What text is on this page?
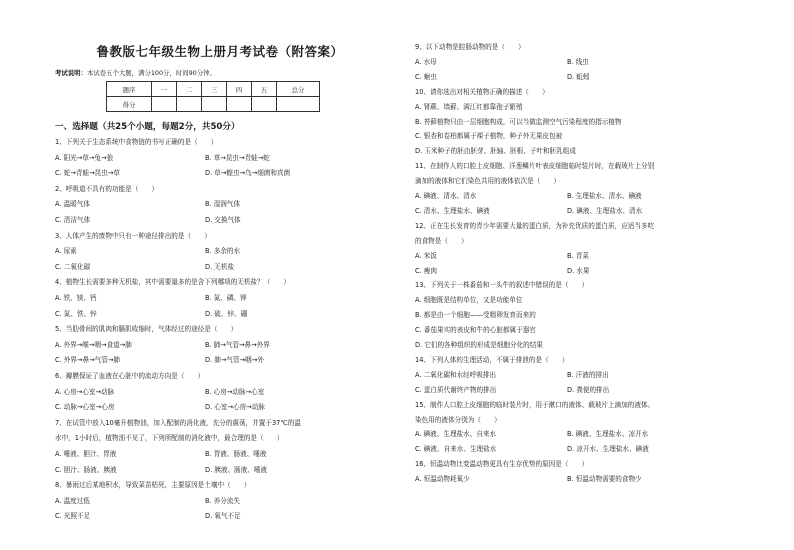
鲁教版七年级生物上册月考试卷（附答案）
考试说明：本试卷五个大题，满分100分，时间90分钟。
题序	一	二	三	四	五	总分
得分						
一、选择题（共25个小题，每题2分，共50分）
1、下列关于生态系统中食物链的书写正确的是（　　）
A. 阳光→草→兔→狼	B. 草→昆虫→青蛙→蛇
C. 蛇→青蛙→昆虫→草	D. 草→蝗虫→鸟→细菌和真菌
2、呼吸道不具有的功能是（　　）
A. 温暖气体	B. 湿润气体
C. 清洁气体	D. 交换气体
3、人体产生的废物中只有一种途径排出的是（　　）
A. 尿素	B. 多余的水
C. 二氧化碳	D. 无机盐
4、植物生长需要多种无机盐，其中需要量多的是含下列哪项的无机盐？（　　）
A. 铁、镁、钙	B. 氮、磷、钾
C. 氮、铁、锌	D. 硫、锌、硼
5、当肋骨间的肌肉和膈肌收缩时，气体经过的途径是（　　）
A. 外界→喉→咽→食道→肺	B. 肺→气管→鼻→外界
C. 外界→鼻→气管→肺	D. 肺→气管→咽→外
6、瓣膜保证了血液在心脏中的流动方向是（　　）
A. 心房→心室→动脉	B. 心房→动脉→心室
C. 动脉→心室→心房	D. 心室→心房→动脉
7、在试管中放入10毫升植物油，加入配制的消化液，充分的震荡，并置于37℃的温
水中，1小时后，植物油不见了，下列所配制的消化液中，最合理的是（　　）
A. 唾液、胆汁、胃液	B. 胃液、肠液、唾液
C. 胆汁、肠液、胰液	D. 胰液、肠液、唾液
8、暴雨过后某地积水，导致菜苗枯死，主要原因是土壤中（　　）
A. 温度过低	B. 养分流失
C. 光照不足	D. 氧气不足
9、以下动物是腔肠动物的是（　　）
A. 水母	B. 线虫
C. 蛔虫	D. 蚯蚓
10、请你选出对相关植物正确的描述（　　）
A. 肾蕨、墙藓、满江红都靠孢子繁殖
B. 苔藓植物只由一层细胞构成，可以当做监测空气污染程度的指示植物
C. 银杏和卷柏都属于裸子植物，种子外无果皮包被
D. 玉米种子的胚由胚芽、胚轴、胚根、子叶和胚乳组成
11、在制作人的口腔上皮细胞、洋葱鳞片叶表皮细胞临时装片时，在载玻片上分别
滴加的液体和它们染色共用的液体依次是（　　）
A. 碘液、清水、清水	B. 生理盐水、清水、碘液
C. 清水、生理盐水、碘液	D. 碘液、生理盐水、清水
12、正在生长发育的青少年需要大量的蛋白质，为补充优质的蛋白质，应适当多吃
的食物是（　　）
A. 米饭	B. 青菜
C. 瘦肉	D. 水果
13、下列关于一株番茄和一头牛的叙述中错误的是（　　）
A. 细胞既是结构单位，又是功能单位
B. 都是由一个细胞——受精卵发育而来的
C. 番茄果实的表皮和牛的心脏都属于器官
D. 它们的各种组织的形成是细胞分化的结果
14、下列人体的生理活动，不属于排泄的是（　　）
A. 二氧化碳和水经呼吸排出	B. 汗液的排出
C. 蛋白质代谢终产物的排出	D. 粪便的排出
15、制作人口腔上皮细胞的临时装片时，用于漱口的液体、载玻片上滴加的液体、
染色用的液体分别为（　　）
A. 碘液、生理盐水、自来水	B. 碘液、生理盐水、凉开水
C. 碘液、自来水、生理盐水	D. 凉开水、生理盐水、碘液
16、恒温动物比变温动物更具有生存优势的原因是（　　）
A. 恒温动物耗氧少	B. 恒温动物需要的食物少
